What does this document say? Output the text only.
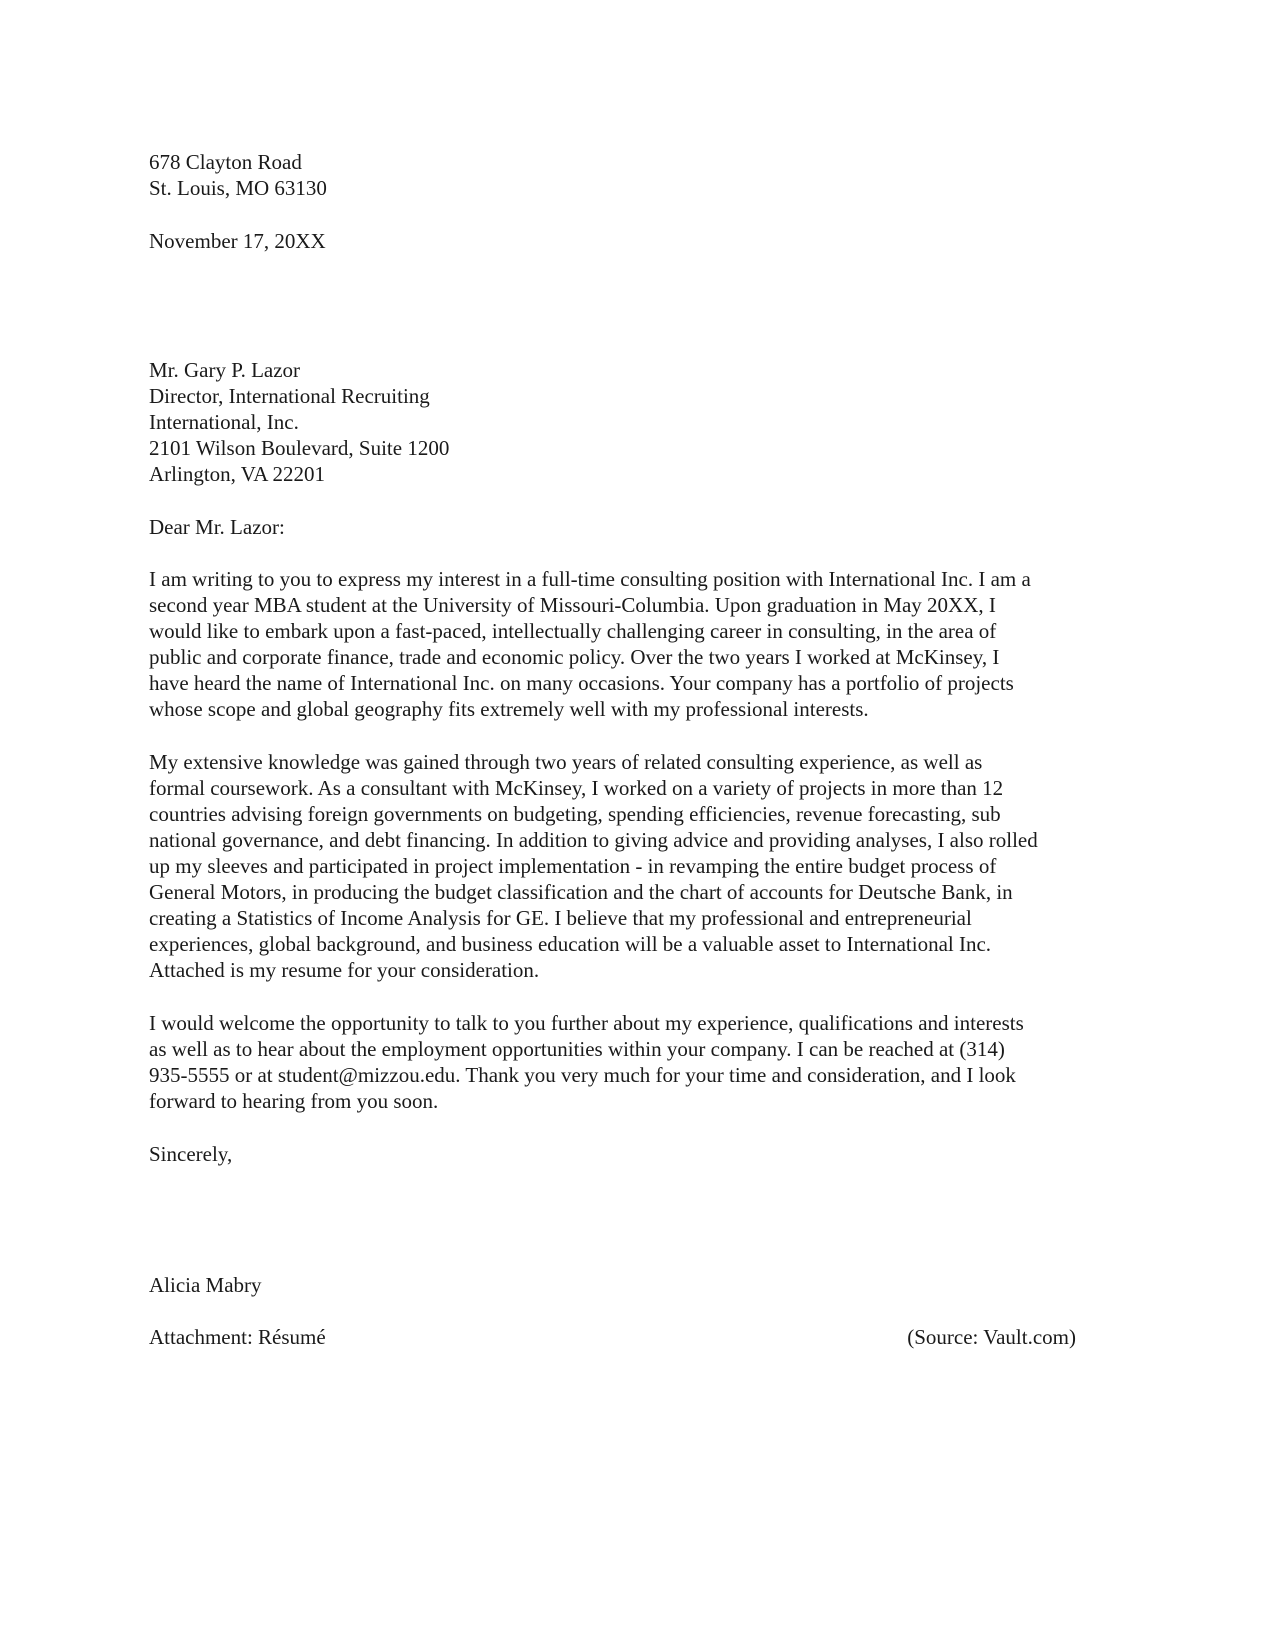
678 Clayton Road
St. Louis, MO 63130
November 17, 20XX
Mr. Gary P. Lazor
Director, International Recruiting
International, Inc.
2101 Wilson Boulevard, Suite 1200
Arlington, VA 22201
Dear Mr. Lazor:
I am writing to you to express my interest in a full-time consulting position with International Inc. I am a
second year MBA student at the University of Missouri-Columbia. Upon graduation in May 20XX, I
would like to embark upon a fast-paced, intellectually challenging career in consulting, in the area of
public and corporate finance, trade and economic policy. Over the two years I worked at McKinsey, I
have heard the name of International Inc. on many occasions. Your company has a portfolio of projects
whose scope and global geography fits extremely well with my professional interests.
My extensive knowledge was gained through two years of related consulting experience, as well as
formal coursework. As a consultant with McKinsey, I worked on a variety of projects in more than 12
countries advising foreign governments on budgeting, spending efficiencies, revenue forecasting, sub
national governance, and debt financing. In addition to giving advice and providing analyses, I also rolled
up my sleeves and participated in project implementation - in revamping the entire budget process of
General Motors, in producing the budget classification and the chart of accounts for Deutsche Bank, in
creating a Statistics of Income Analysis for GE. I believe that my professional and entrepreneurial
experiences, global background, and business education will be a valuable asset to International Inc.
Attached is my resume for your consideration.
I would welcome the opportunity to talk to you further about my experience, qualifications and interests
as well as to hear about the employment opportunities within your company. I can be reached at (314)
935-5555 or at student@mizzou.edu. Thank you very much for your time and consideration, and I look
forward to hearing from you soon.
Sincerely,
Alicia Mabry
Attachment: Résumé	(Source: Vault.com)
